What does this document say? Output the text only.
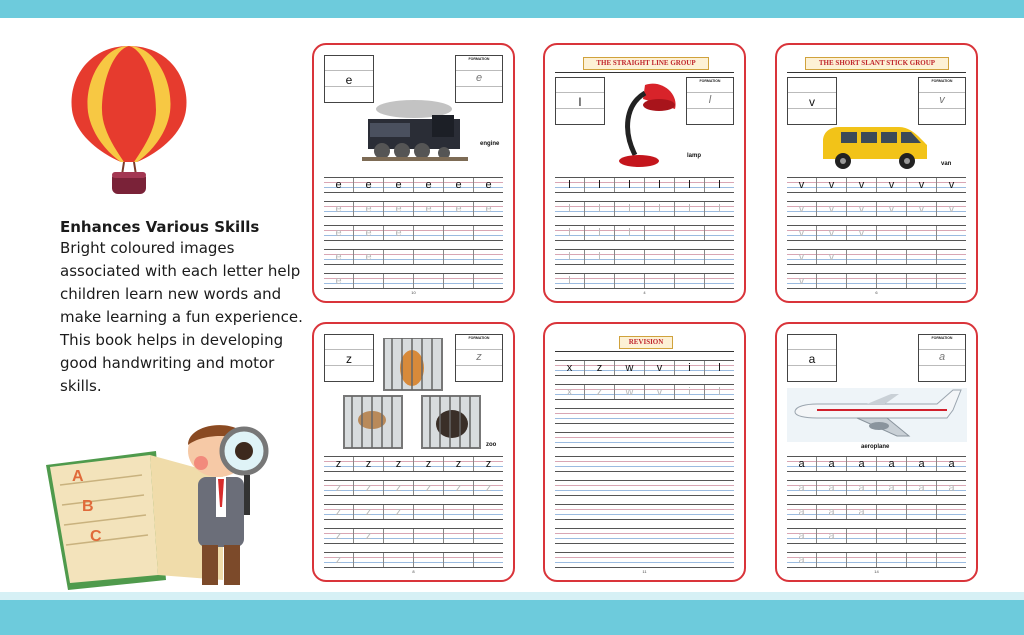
Enhances Various Skills

Bright coloured images associated with each letter help children learn new words and make learning a fun experience. This book helps in developing good handwriting and motor skills.

A
B
C
e
FORMATION
e
engine
e	e	e	e	e	e
e	e	e	e	e	e
e	e	e
e	e
e
10
THE STRAIGHT LINE GROUP
l
FORMATION
l
lamp
l	l	l	l	l	l
l	l	l	l	l	l
l	l	l
l	l
l
4
THE SHORT SLANT STICK GROUP
v
FORMATION
v
van
v	v	v	v	v	v
v	v	v	v	v	v
v	v	v
v	v
v
6
z
FORMATION
z
zoo
z	z	z	z	z	z
z	z	z	z	z	z
z	z	z
z	z
z
8
REVISION
x	z	w	v	i	l
x	z	w	v	i	l
11
a
FORMATION
a
aeroplane
a	a	a	a	a	a
a	a	a	a	a	a
a	a	a
a	a
a
14
